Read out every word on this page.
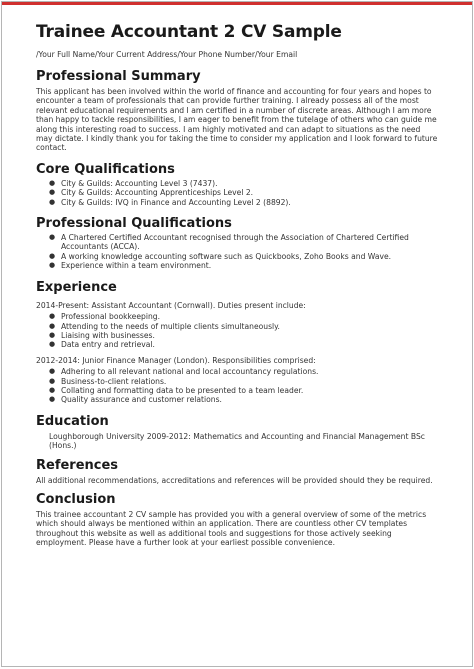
Trainee Accountant 2 CV Sample
/Your Full Name/Your Current Address/Your Phone Number/Your Email
Professional Summary
This applicant has been involved within the world of finance and accounting for four years and hopes to encounter a team of professionals that can provide further training. I already possess all of the most relevant educational requirements and I am certified in a number of discrete areas. Although I am more than happy to tackle responsibilities, I am eager to benefit from the tutelage of others who can guide me along this interesting road to success. I am highly motivated and can adapt to situations as the need may dictate. I kindly thank you for taking the time to consider my application and I look forward to future contact.
Core Qualifications
● City & Guilds: Accounting Level 3 (7437).
● City & Guilds: Accounting Apprenticeships Level 2.
● City & Guilds: IVQ in Finance and Accounting Level 2 (8892).
Professional Qualifications
● A Chartered Certified Accountant recognised through the Association of Chartered Certified Accountants (ACCA).
● A working knowledge accounting software such as Quickbooks, Zoho Books and Wave.
● Experience within a team environment.
Experience
2014-Present: Assistant Accountant (Cornwall). Duties present include:
● Professional bookkeeping.
● Attending to the needs of multiple clients simultaneously.
● Liaising with businesses.
● Data entry and retrieval.
2012-2014: Junior Finance Manager (London). Responsibilities comprised:
● Adhering to all relevant national and local accountancy regulations.
● Business-to-client relations.
● Collating and formatting data to be presented to a team leader.
● Quality assurance and customer relations.
Education
Loughborough University 2009-2012: Mathematics and Accounting and Financial Management BSc (Hons.)
References
All additional recommendations, accreditations and references will be provided should they be required.
Conclusion
This trainee accountant 2 CV sample has provided you with a general overview of some of the metrics which should always be mentioned within an application. There are countless other CV templates throughout this website as well as additional tools and suggestions for those actively seeking employment. Please have a further look at your earliest possible convenience.
